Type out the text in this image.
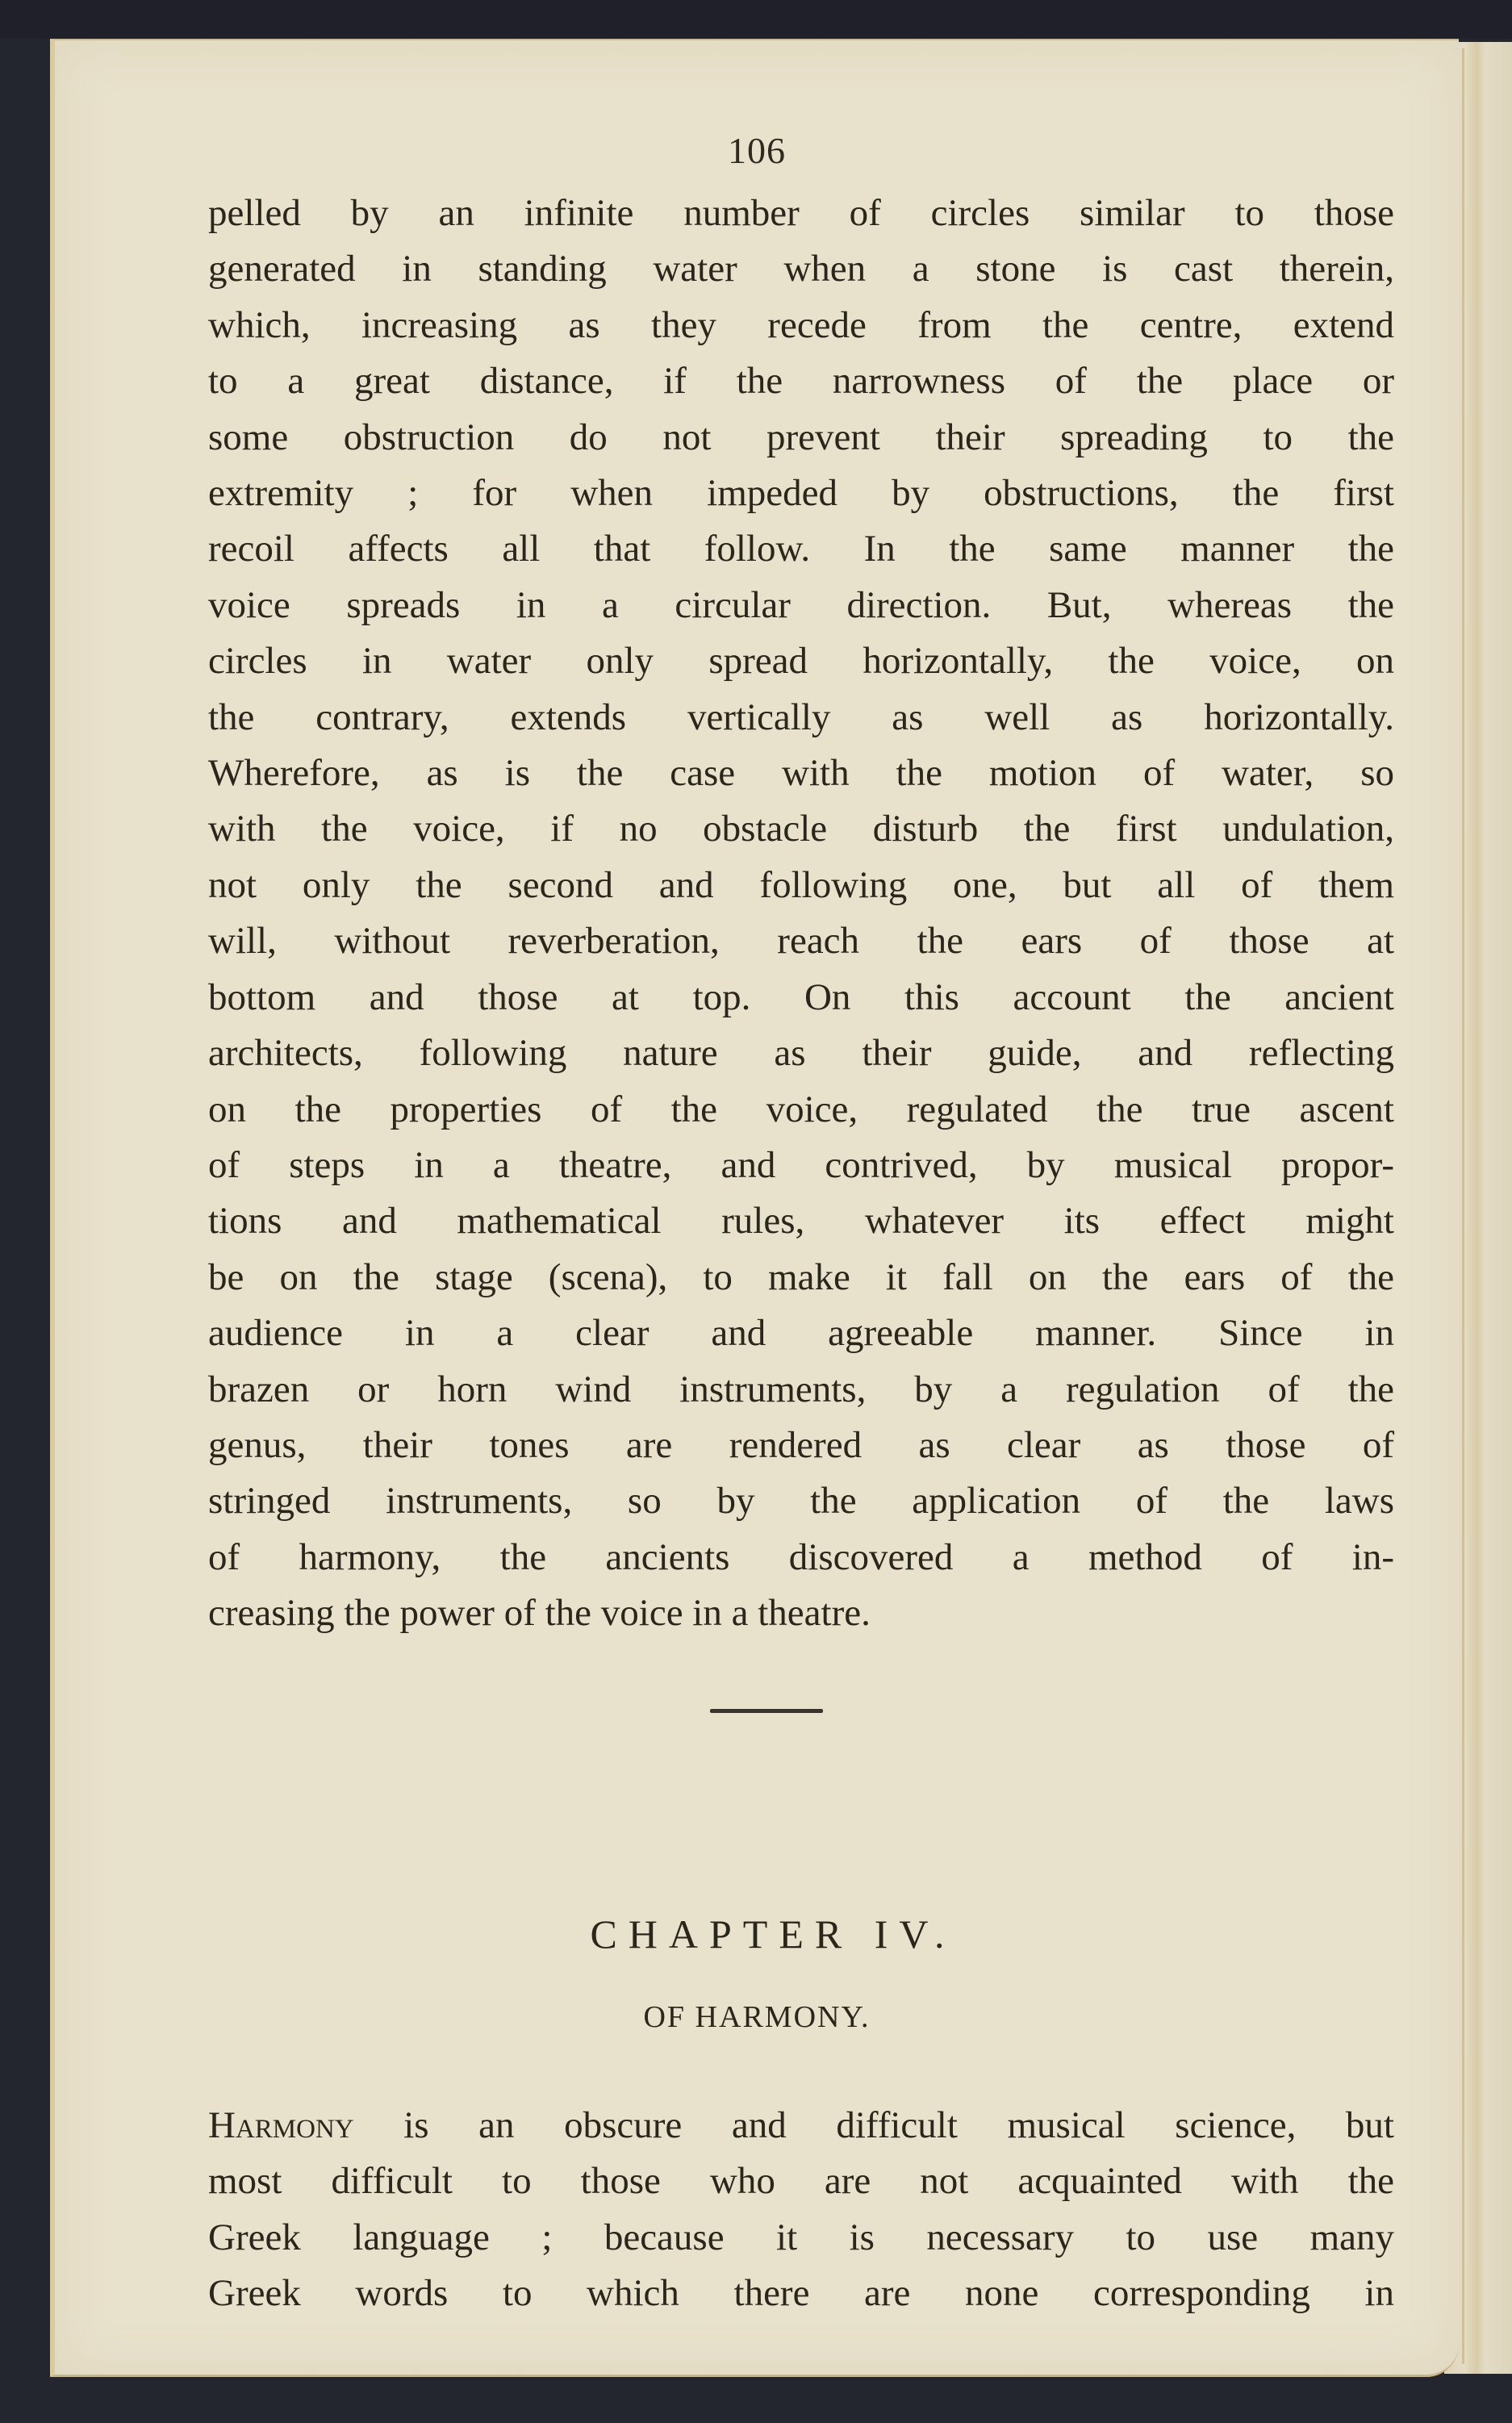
106
pelled by an infinite number of circles similar to those
generated in standing water when a stone is cast therein,
which, increasing as they recede from the centre, extend
to a great distance, if the narrowness of the place or
some obstruction do not prevent their spreading to the
extremity ; for when impeded by obstructions, the first
recoil affects all that follow. In the same manner the
voice spreads in a circular direction. But, whereas the
circles in water only spread horizontally, the voice, on
the contrary, extends vertically as well as horizontally.
Wherefore, as is the case with the motion of water, so
with the voice, if no obstacle disturb the first undulation,
not only the second and following one, but all of them
will, without reverberation, reach the ears of those at
bottom and those at top. On this account the ancient
architects, following nature as their guide, and reflecting
on the properties of the voice, regulated the true ascent
of steps in a theatre, and contrived, by musical propor-
tions and mathematical rules, whatever its effect might
be on the stage (scena), to make it fall on the ears of the
audience in a clear and agreeable manner. Since in
brazen or horn wind instruments, by a regulation of the
genus, their tones are rendered as clear as those of
stringed instruments, so by the application of the laws
of harmony, the ancients discovered a method of in-
creasing the power of the voice in a theatre.
CHAPTER IV.
OF HARMONY.
Harmony is an obscure and difficult musical science, but
most difficult to those who are not acquainted with the
Greek language ; because it is necessary to use many
Greek words to which there are none corresponding in
